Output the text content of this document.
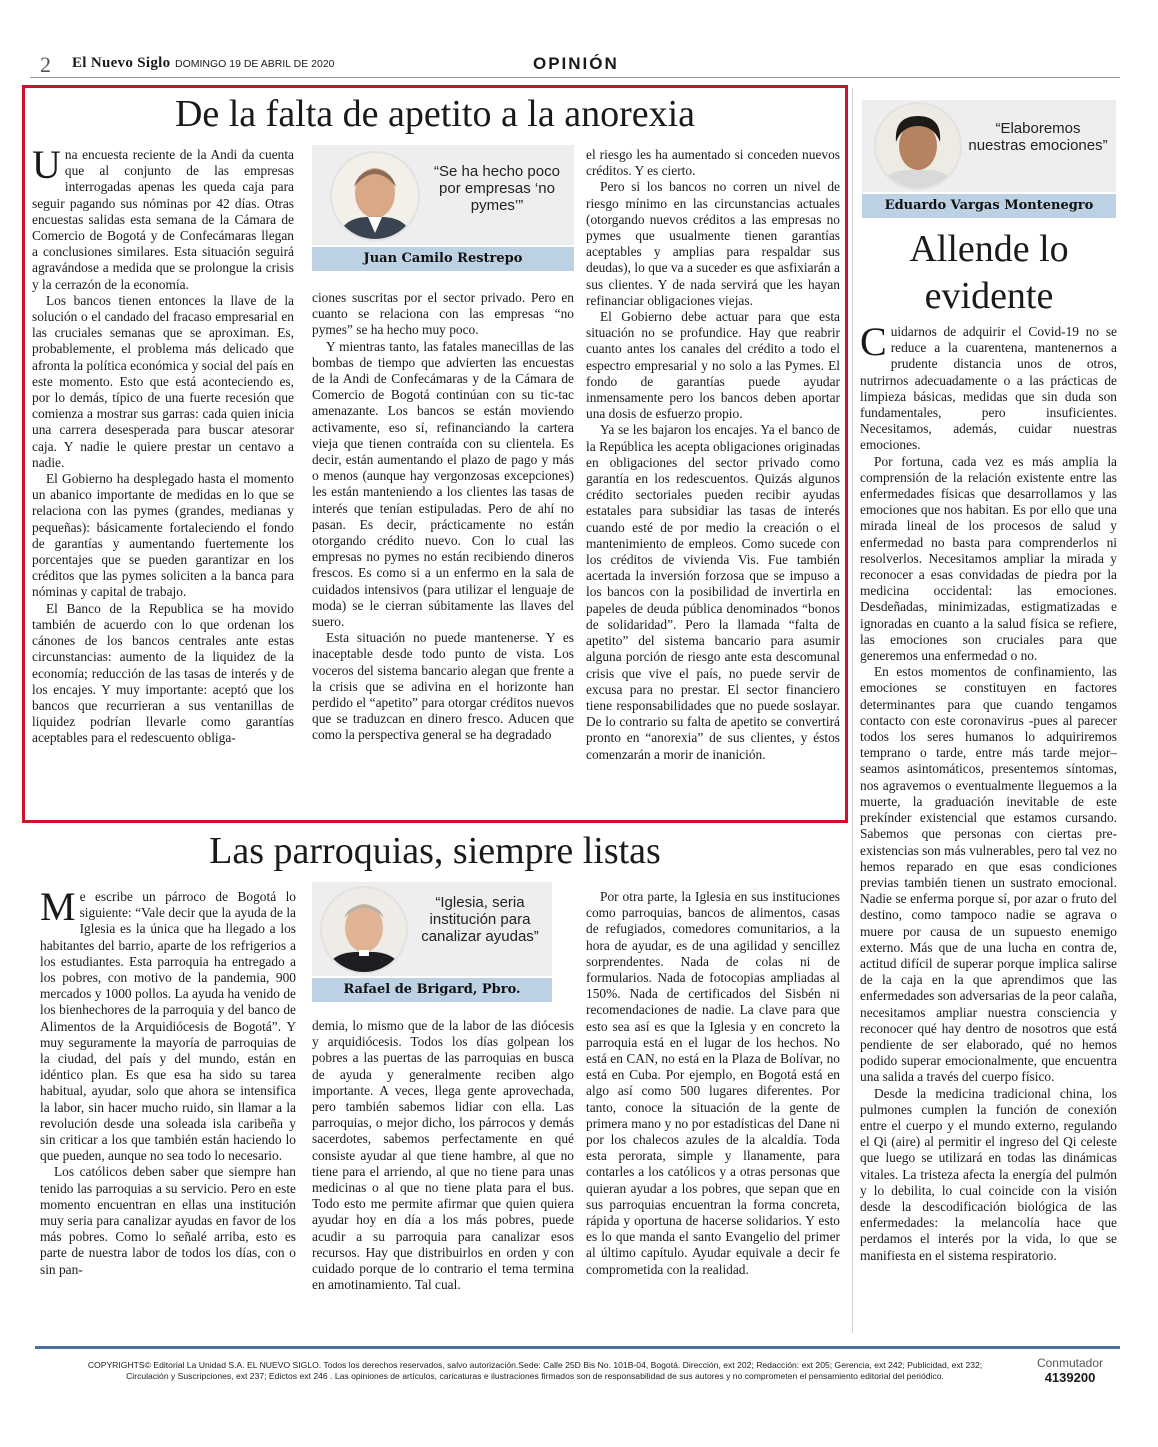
2 El Nuevo Siglo DOMINGO 19 DE ABRIL DE 2020	OPINIÓN
De la falta de apetito a la anorexia

Una encuesta reciente de la Andi da cuenta que al conjunto de las empresas interrogadas apenas les queda caja para seguir pagando sus nóminas por 42 días. Otras encuestas salidas esta semana de la Cámara de Comercio de Bogotá y de Confecámaras llegan a conclusiones similares. Esta situación seguirá agravándose a medida que se prolongue la crisis y la cerrazón de la economía.

Los bancos tienen entonces la llave de la solución o el candado del fracaso empresarial en las cruciales semanas que se aproximan. Es, probablemente, el problema más delicado que afronta la política económica y social del país en este momento. Esto que está aconteciendo es, por lo demás, típico de una fuerte recesión que comienza a mostrar sus garras: cada quien inicia una carrera desesperada para buscar atesorar caja. Y nadie le quiere prestar un centavo a nadie.

El Gobierno ha desplegado hasta el momento un abanico importante de medidas en lo que se relaciona con las pymes (grandes, medianas y pequeñas): básicamente fortaleciendo el fondo de garantías y aumentando fuertemente los porcentajes que se pueden garantizar en los créditos que las pymes soliciten a la banca para nóminas y capital de trabajo.

El Banco de la Republica se ha movido también de acuerdo con lo que ordenan los cánones de los bancos centrales ante estas circunstancias: aumento de la liquidez de la economía; reducción de las tasas de interés y de los encajes. Y muy importante: aceptó que los bancos que recurrieran a sus ventanillas de liquidez podrían llevarle como garantías aceptables para el redescuento obliga-

“Se ha hecho poco por empresas ‘no pymes’”
Juan Camilo Restrepo

ciones suscritas por el sector privado. Pero en cuanto se relaciona con las empresas “no pymes” se ha hecho muy poco.

Y mientras tanto, las fatales manecillas de las bombas de tiempo que advierten las encuestas de la Andi de Confecámaras y de la Cámara de Comercio de Bogotá continúan con su tic-tac amenazante. Los bancos se están moviendo activamente, eso sí, refinanciando la cartera vieja que tienen contraída con su clientela. Es decir, están aumentando el plazo de pago y más o menos (aunque hay vergonzosas excepciones) les están manteniendo a los clientes las tasas de interés que tenían estipuladas. Pero de ahí no pasan. Es decir, prácticamente no están otorgando crédito nuevo. Con lo cual las empresas no pymes no están recibiendo dineros frescos. Es como si a un enfermo en la sala de cuidados intensivos (para utilizar el lenguaje de moda) se le cierran súbitamente las llaves del suero.

Esta situación no puede mantenerse. Y es inaceptable desde todo punto de vista. Los voceros del sistema bancario alegan que frente a la crisis que se adivina en el horizonte han perdido el “apetito” para otorgar créditos nuevos que se traduzcan en dinero fresco. Aducen que como la perspectiva general se ha degradado

el riesgo les ha aumentado si conceden nuevos créditos. Y es cierto.

Pero si los bancos no corren un nivel de riesgo mínimo en las circunstancias actuales (otorgando nuevos créditos a las empresas no pymes que usualmente tienen garantías aceptables y amplias para respaldar sus deudas), lo que va a suceder es que asfixiarán a sus clientes. Y de nada servirá que les hayan refinanciar obligaciones viejas.

El Gobierno debe actuar para que esta situación no se profundice. Hay que reabrir cuanto antes los canales del crédito a todo el espectro empresarial y no solo a las Pymes. El fondo de garantías puede ayudar inmensamente pero los bancos deben aportar una dosis de esfuerzo propio.

Ya se les bajaron los encajes. Ya el banco de la República les acepta obligaciones originadas en obligaciones del sector privado como garantía en los redescuentos. Quizás algunos crédito sectoriales pueden recibir ayudas estatales para subsidiar las tasas de interés cuando esté de por medio la creación o el mantenimiento de empleos. Como sucede con los créditos de vivienda Vis. Fue también acertada la inversión forzosa que se impuso a los bancos con la posibilidad de invertirla en papeles de deuda pública denominados “bonos de solidaridad”. Pero la llamada “falta de apetito” del sistema bancario para asumir alguna porción de riesgo ante esta descomunal crisis que vive el país, no puede servir de excusa para no prestar. El sector financiero tiene responsabilidades que no puede soslayar. De lo contrario su falta de apetito se convertirá pronto en “anorexia” de sus clientes, y éstos comenzarán a morir de inanición.

“Elaboremos nuestras emociones”
Eduardo Vargas Montenegro
Allende lo evidente

Cuidarnos de adquirir el Covid-19 no se reduce a la cuarentena, mantenernos a prudente distancia unos de otros, nutrirnos adecuadamente o a las prácticas de limpieza básicas, medidas que sin duda son fundamentales, pero insuficientes. Necesitamos, además, cuidar nuestras emociones.

Por fortuna, cada vez es más amplia la comprensión de la relación existente entre las enfermedades físicas que desarrollamos y las emociones que nos habitan. Es por ello que una mirada lineal de los procesos de salud y enfermedad no basta para comprenderlos ni resolverlos. Necesitamos ampliar la mirada y reconocer a esas convidadas de piedra por la medicina occidental: las emociones. Desdeñadas, minimizadas, estigmatizadas e ignoradas en cuanto a la salud física se refiere, las emociones son cruciales para que generemos una enfermedad o no.

En estos momentos de confinamiento, las emociones se constituyen en factores determinantes para que cuando tengamos contacto con este coronavirus -pues al parecer todos los seres humanos lo adquiriremos temprano o tarde, entre más tarde mejor– seamos asintomáticos, presentemos síntomas, nos agravemos o eventualmente lleguemos a la muerte, la graduación inevitable de este prekínder existencial que estamos cursando. Sabemos que personas con ciertas pre-existencias son más vulnerables, pero tal vez no hemos reparado en que esas condiciones previas también tienen un sustrato emocional. Nadie se enferma porque sí, por azar o fruto del destino, como tampoco nadie se agrava o muere por causa de un supuesto enemigo externo. Más que de una lucha en contra de, actitud difícil de superar porque implica salirse de la caja en la que aprendimos que las enfermedades son adversarias de la peor calaña, necesitamos ampliar nuestra consciencia y reconocer qué hay dentro de nosotros que está pendiente de ser elaborado, qué no hemos podido superar emocionalmente, que encuentra una salida a través del cuerpo físico.

Desde la medicina tradicional china, los pulmones cumplen la función de conexión entre el cuerpo y el mundo externo, regulando el Qi (aire) al permitir el ingreso del Qi celeste que luego se utilizará en todas las dinámicas vitales. La tristeza afecta la energía del pulmón y lo debilita, lo cual coincide con la visión desde la descodificación biológica de las enfermedades: la melancolía hace que perdamos el interés por la vida, lo que se manifiesta en el sistema respiratorio.

Las parroquias, siempre listas

Me escribe un párroco de Bogotá lo siguiente: “Vale decir que la ayuda de la Iglesia es la única que ha llegado a los habitantes del barrio, aparte de los refrigerios a los estudiantes. Esta parroquia ha entregado a los pobres, con motivo de la pandemia, 900 mercados y 1000 pollos. La ayuda ha venido de los bienhechores de la parroquia y del banco de Alimentos de la Arquidiócesis de Bogotá”. Y muy seguramente la mayoría de parroquias de la ciudad, del país y del mundo, están en idéntico plan. Es que esa ha sido su tarea habitual, ayudar, solo que ahora se intensifica la labor, sin hacer mucho ruido, sin llamar a la revolución desde una soleada isla caribeña y sin criticar a los que también están haciendo lo que pueden, aunque no sea todo lo necesario.

Los católicos deben saber que siempre han tenido las parroquias a su servicio. Pero en este momento encuentran en ellas una institución muy seria para canalizar ayudas en favor de los más pobres. Como lo señalé arriba, esto es parte de nuestra labor de todos los días, con o sin pan-

“Iglesia, seria institución para canalizar ayudas”
Rafael de Brigard, Pbro.

demia, lo mismo que de la labor de las diócesis y arquidiócesis. Todos los días golpean los pobres a las puertas de las parroquias en busca de ayuda y generalmente reciben algo importante. A veces, llega gente aprovechada, pero también sabemos lidiar con ella. Las parroquias, o mejor dicho, los párrocos y demás sacerdotes, sabemos perfectamente en qué consiste ayudar al que tiene hambre, al que no tiene para el arriendo, al que no tiene para unas medicinas o al que no tiene plata para el bus. Todo esto me permite afirmar que quien quiera ayudar hoy en día a los más pobres, puede acudir a su parroquia para canalizar esos recursos. Hay que distribuirlos en orden y con cuidado porque de lo contrario el tema termina en amotinamiento. Tal cual.

Por otra parte, la Iglesia en sus instituciones como parroquias, bancos de alimentos, casas de refugiados, comedores comunitarios, a la hora de ayudar, es de una agilidad y sencillez sorprendentes. Nada de colas ni de formularios. Nada de fotocopias ampliadas al 150%. Nada de certificados del Sisbén ni recomendaciones de nadie. La clave para que esto sea así es que la Iglesia y en concreto la parroquia está en el lugar de los hechos. No está en CAN, no está en la Plaza de Bolívar, no está en Cuba. Por ejemplo, en Bogotá está en algo así como 500 lugares diferentes. Por tanto, conoce la situación de la gente de primera mano y no por estadísticas del Dane ni por los chalecos azules de la alcaldía. Toda esta perorata, simple y llanamente, para contarles a los católicos y a otras personas que quieran ayudar a los pobres, que sepan que en sus parroquias encuentran la forma concreta, rápida y oportuna de hacerse solidarios. Y esto es lo que manda el santo Evangelio del primer al último capítulo. Ayudar equivale a decir fe comprometida con la realidad.

COPYRIGHTS© Editorial La Unidad S.A. EL NUEVO SIGLO. Todos los derechos reservados, salvo autorización.Sede: Calle 25D Bis No. 101B-04, Bogotá. Dirección, ext 202; Redacción: ext 205; Gerencia, ext 242; Publicidad, ext 232;
Circulación y Suscripciones, ext 237; Edictos ext 246 . Las opiniones de artículos, caricaturas e ilustraciones firmados son de responsabilidad de sus autores y no comprometen el pensamiento editorial del periódico.
Conmutador
4139200
